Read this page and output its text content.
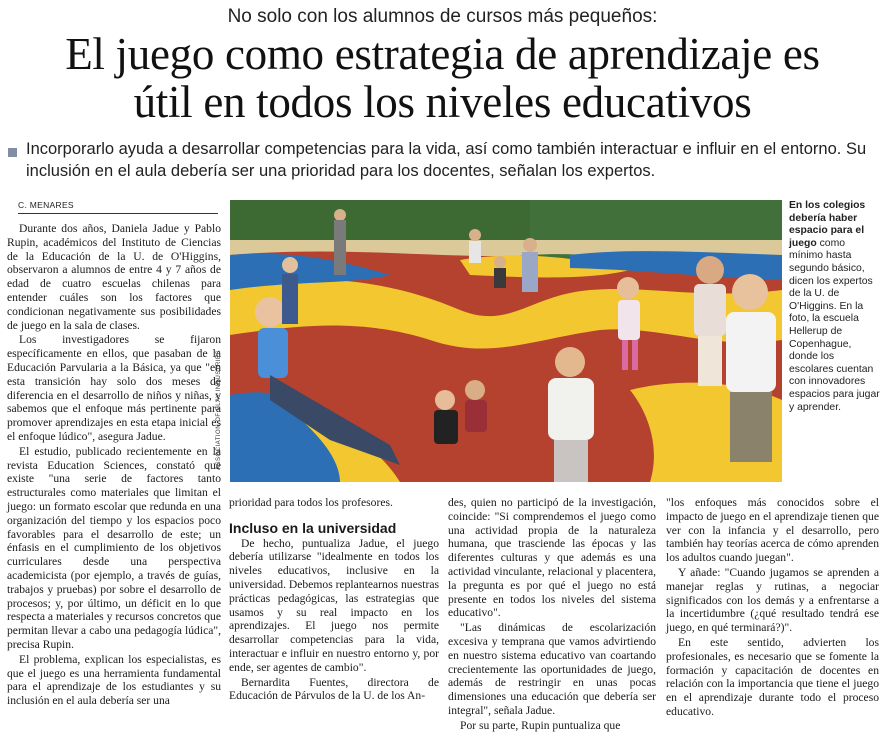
No solo con los alumnos de cursos más pequeños:
El juego como estrategia de aprendizaje es
útil en todos los niveles educativos
Incorporarlo ayuda a desarrollar competencias para la vida, así como también interactuar e influir en el entorno. Su inclusión en el aula debería ser una prioridad para los docentes, señalan los expertos.
C. MENARES

Durante dos años, Daniela Jadue y Pablo Rupin, académicos del Instituto de Ciencias de la Educación de la U. de O'Higgins, observaron a alumnos de entre 4 y 7 años de edad de cuatro escuelas chilenas para entender cuáles son los factores que condicionan negativamente sus posibilidades de juego en la sala de clases.

Los investigadores se fijaron específicamente en ellos, que pasaban de la Educación Parvularia a la Básica, ya que "en esta transición hay solo dos meses de diferencia en el desarrollo de niños y niñas, y sabemos que el enfoque más pertinente para promover aprendizajes en esta etapa inicial es el enfoque lúdico", asegura Jadue.

El estudio, publicado recientemente en la revista Education Sciences, constató que existe "una serie de factores tanto estructurales como materiales que limitan el juego: un formato escolar que redunda en una organización del tiempo y los espacios poco favorables para el desarrollo de este; un énfasis en el cumplimiento de los objetivos curriculares desde una perspectiva academicista (por ejemplo, a través de guías, trabajos y pruebas) por sobre el desarrollo de procesos; y, por último, un déficit en lo que respecta a materiales y recursos concretos que permitan llevar a cabo una pedagogía lúdica", precisa Rupin.

El problema, explican los especialistas, es que el juego es una herramienta fundamental para el aprendizaje de los estudiantes y su inclusión en el aula debería ser una

ASSOCIATION OF PLAY INDUSTRIES
En los colegios debería haber espacio para el juego como mínimo hasta segundo básico, dicen los expertos de la U. de O'Higgins. En la foto, la escuela Hellerup de Copenhague, donde los escolares cuentan con innovadores espacios para jugar y aprender.

prioridad para todos los profesores.

Incluso en la universidad

De hecho, puntualiza Jadue, el juego debería utilizarse "idealmente en todos los niveles educativos, inclusive en la universidad. Debemos replantearnos nuestras prácticas pedagógicas, las estrategias que usamos y su real impacto en los aprendizajes. El juego nos permite desarrollar competencias para la vida, interactuar e influir en nuestro entorno y, por ende, ser agentes de cambio".

Bernardita Fuentes, directora de Educación de Párvulos de la U. de los An-

des, quien no participó de la investigación, coincide: "Si comprendemos el juego como una actividad propia de la naturaleza humana, que trasciende las épocas y las diferentes culturas y que además es una actividad vinculante, relacional y placentera, la pregunta es por qué el juego no está presente en todos los niveles del sistema educativo".

"Las dinámicas de escolarización excesiva y temprana que vamos advirtiendo en nuestro sistema educativo van coartando crecientemente las oportunidades de juego, además de restringir en unas pocas dimensiones una educación que debería ser integral", señala Jadue.

Por su parte, Rupin puntualiza que

"los enfoques más conocidos sobre el impacto de juego en el aprendizaje tienen que ver con la infancia y el desarrollo, pero también hay teorías acerca de cómo aprenden los adultos cuando juegan".

Y añade: "Cuando jugamos se aprenden a manejar reglas y rutinas, a negociar significados con los demás y a enfrentarse a la incertidumbre (¿qué resultado tendrá ese juego, en qué terminará?)".

En este sentido, advierten los profesionales, es necesario que se fomente la formación y capacitación de docentes en relación con la importancia que tiene el juego en el aprendizaje durante todo el proceso educativo.
